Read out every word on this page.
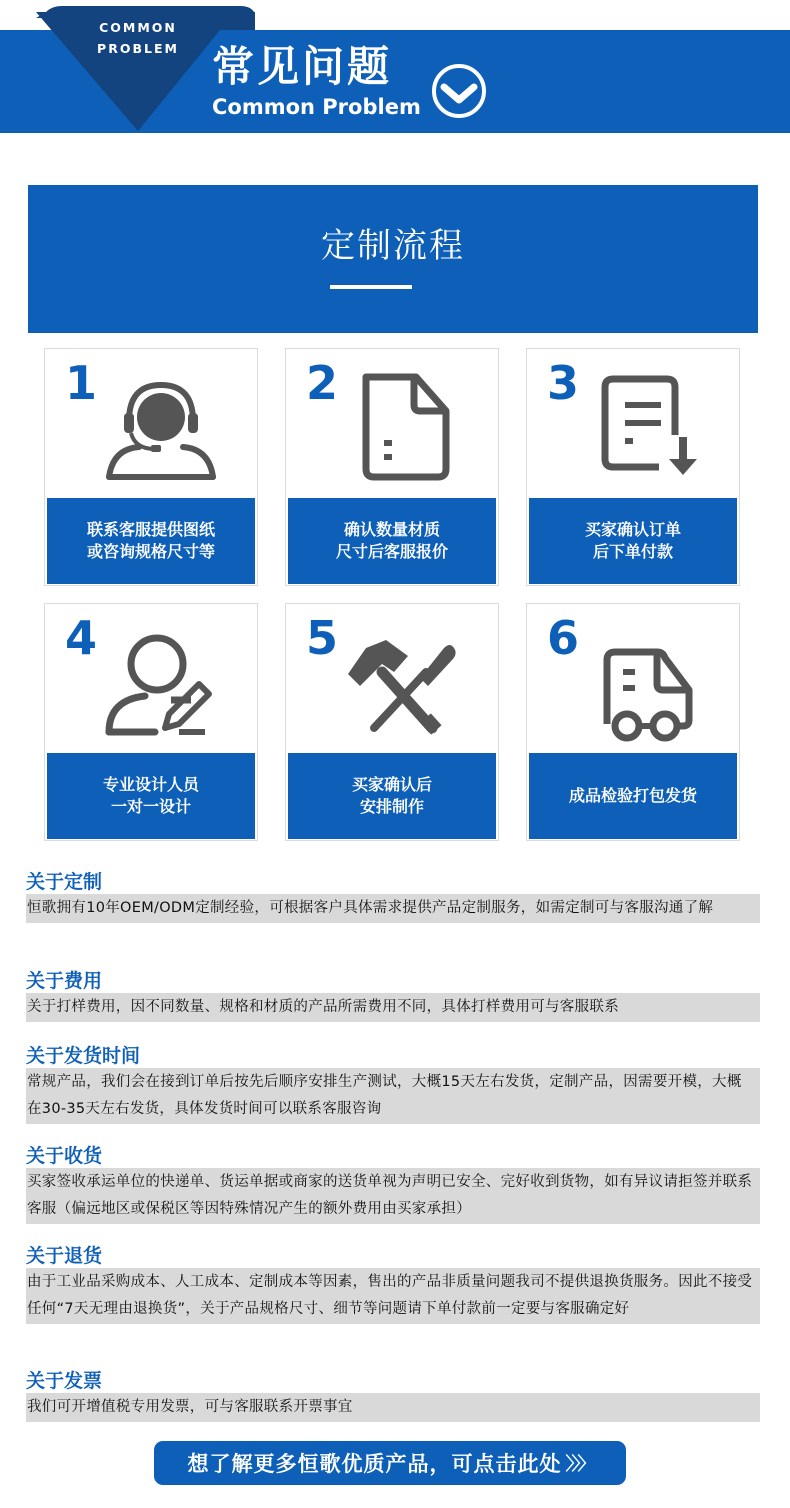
COMMON
PROBLEM 常见问题
Common Problem
定制流程
1
联系客服提供图纸
或咨询规格尺寸等
2
确认数量材质
尺寸后客服报价
3
买家确认订单
后下单付款
4
专业设计人员
一对一设计
5
买家确认后
安排制作
6
成品检验打包发货
关于定制
恒歌拥有10年OEM/ODM定制经验，可根据客户具体需求提供产品定制服务，如需定制可与客服沟通了解
关于费用
关于打样费用，因不同数量、规格和材质的产品所需费用不同，具体打样费用可与客服联系
关于发货时间
常规产品，我们会在接到订单后按先后顺序安排生产测试，大概15天左右发货，定制产品，因需要开模，大概在30-35天左右发货，具体发货时间可以联系客服咨询
关于收货
买家签收承运单位的快递单、货运单据或商家的送货单视为声明已安全、完好收到货物，如有异议请拒签并联系客服（偏远地区或保税区等因特殊情况产生的额外费用由买家承担）
关于退货
由于工业品采购成本、人工成本、定制成本等因素，售出的产品非质量问题我司不提供退换货服务。因此不接受任何“7天无理由退换货”，关于产品规格尺寸、细节等问题请下单付款前一定要与客服确定好
关于发票
我们可开增值税专用发票，可与客服联系开票事宜
想了解更多恒歌优质产品，可点击此处 〉〉〉
